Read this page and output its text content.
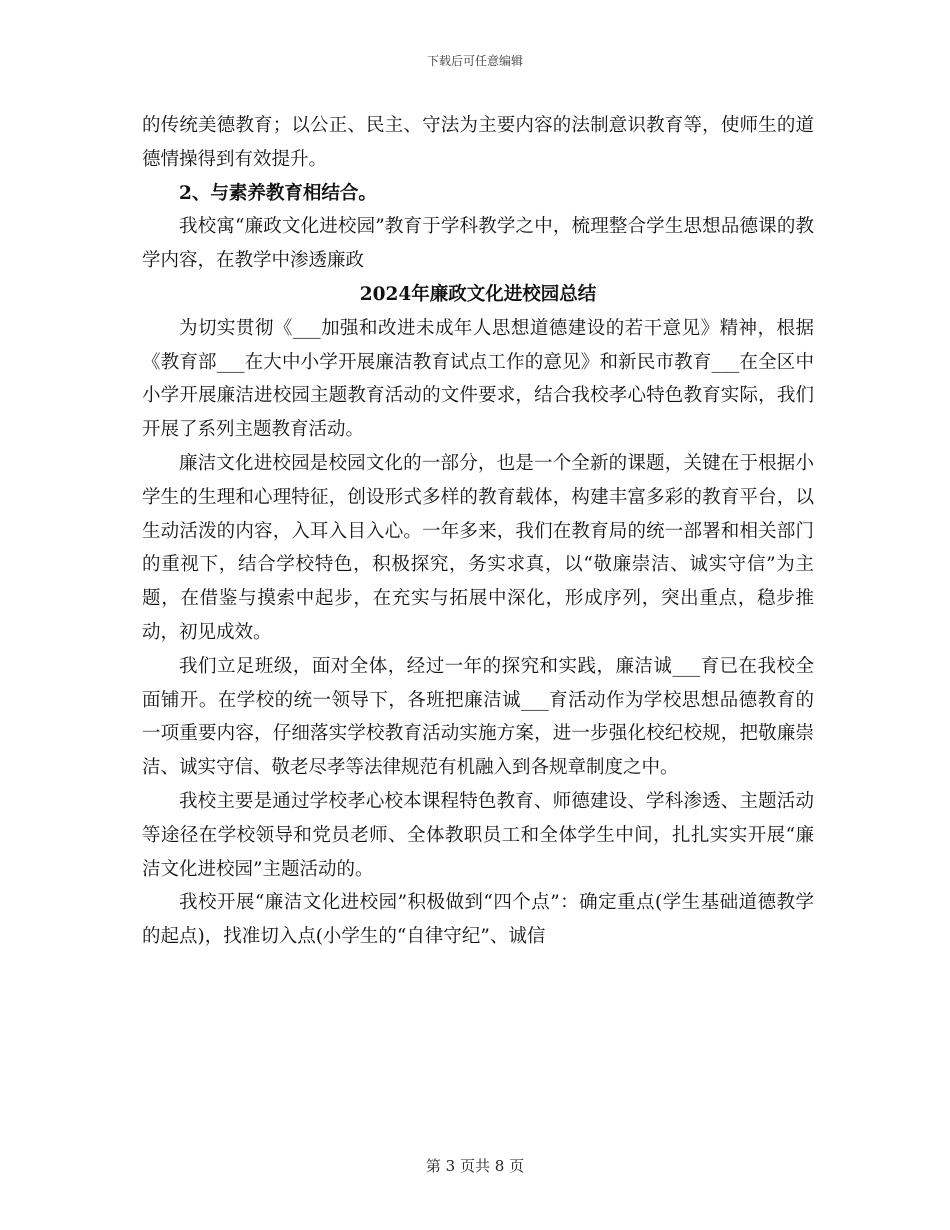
下载后可任意编辑

的传统美德教育；以公正、民主、守法为主要内容的法制意识教育等，使师生的道德情操得到有效提升。

2、与素养教育相结合。

我校寓“廉政文化进校园”教育于学科教学之中，梳理整合学生思想品德课的教学内容，在教学中渗透廉政

2024年廉政文化进校园总结

为切实贯彻《___加强和改进未成年人思想道德建设的若干意见》精神，根据《教育部___在大中小学开展廉洁教育试点工作的意见》和新民市教育___在全区中小学开展廉洁进校园主题教育活动的文件要求，结合我校孝心特色教育实际，我们开展了系列主题教育活动。

廉洁文化进校园是校园文化的一部分，也是一个全新的课题，关键在于根据小学生的生理和心理特征，创设形式多样的教育载体，构建丰富多彩的教育平台，以生动活泼的内容，入耳入目入心。一年多来，我们在教育局的统一部署和相关部门的重视下，结合学校特色，积极探究，务实求真，以“敬廉崇洁、诚实守信”为主题，在借鉴与摸索中起步，在充实与拓展中深化，形成序列，突出重点，稳步推动，初见成效。

我们立足班级，面对全体，经过一年的探究和实践，廉洁诚___育已在我校全面铺开。在学校的统一领导下，各班把廉洁诚___育活动作为学校思想品德教育的一项重要内容，仔细落实学校教育活动实施方案，进一步强化校纪校规，把敬廉崇洁、诚实守信、敬老尽孝等法律规范有机融入到各规章制度之中。

我校主要是通过学校孝心校本课程特色教育、师德建设、学科渗透、主题活动等途径在学校领导和党员老师、全体教职员工和全体学生中间，扎扎实实开展“廉洁文化进校园”主题活动的。

我校开展“廉洁文化进校园”积极做到“四个点”：确定重点(学生基础道德教学的起点)，找准切入点(小学生的“自律守纪”、诚信

第 3 页共 8 页
